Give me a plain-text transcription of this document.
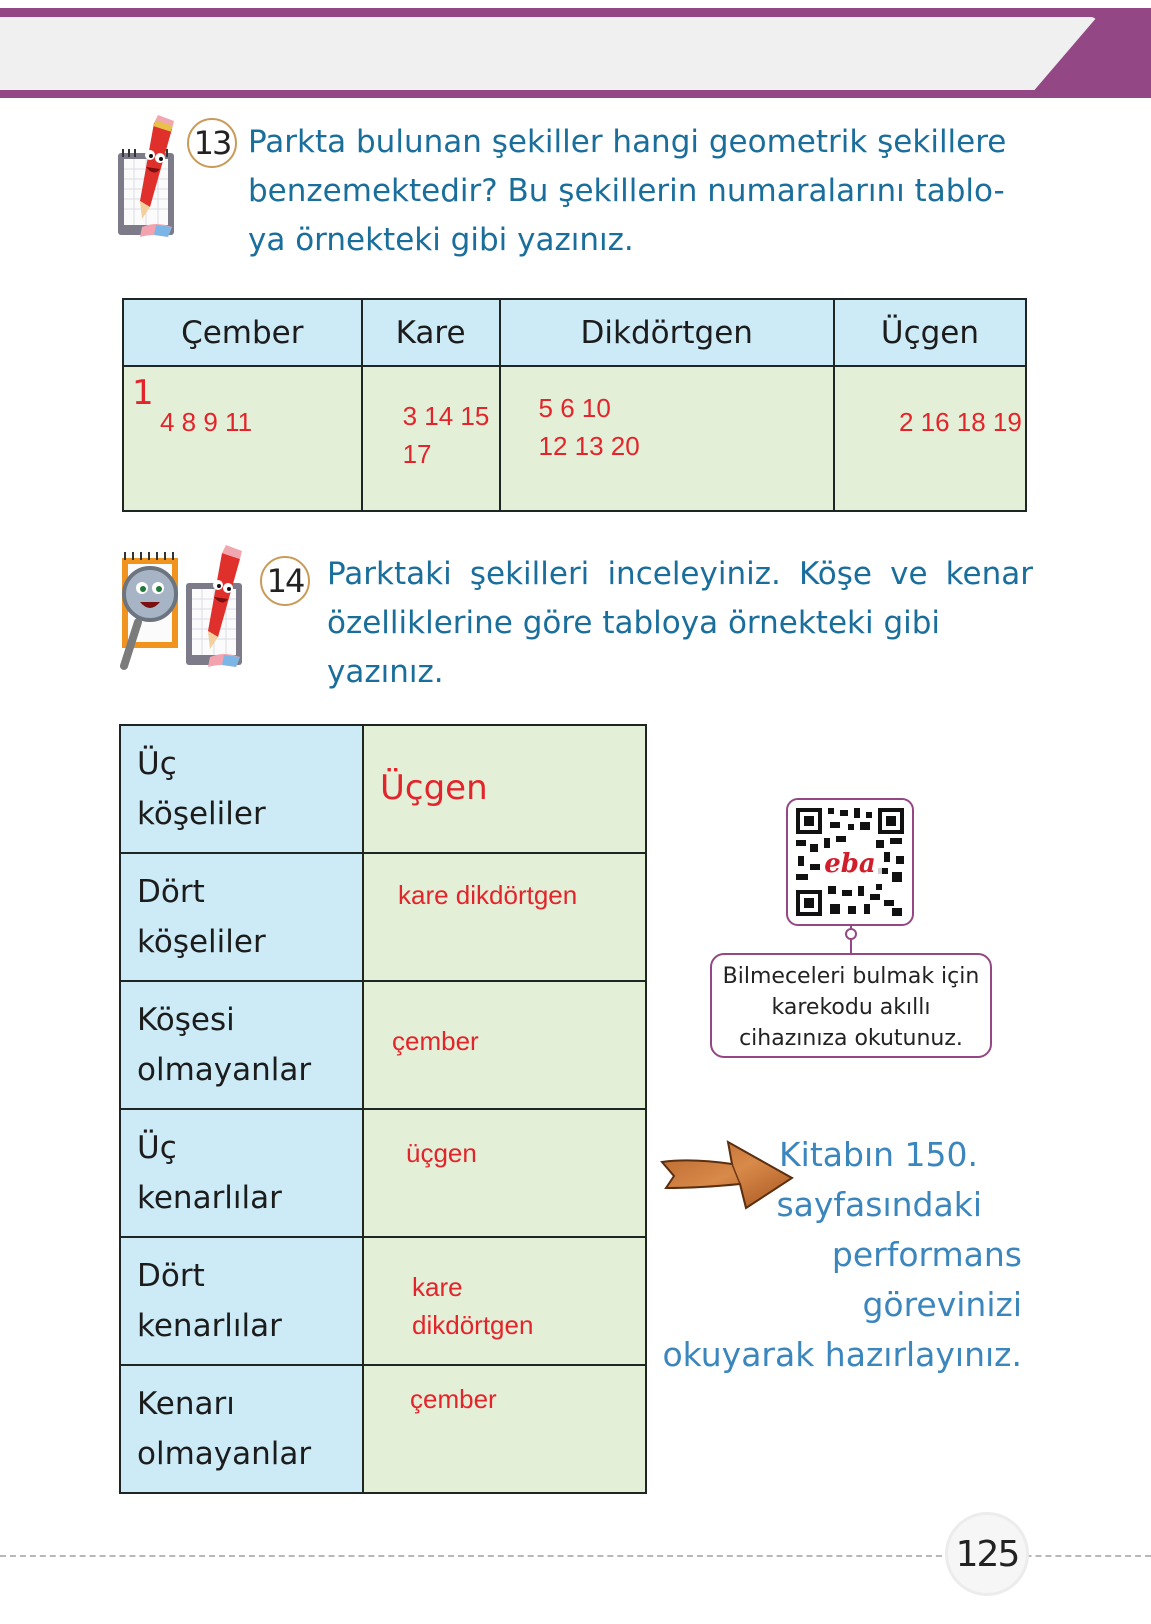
13 Parkta bulunan şekiller hangi geometrik şekillere
benzemektedir? Bu şekillerin numaralarını tablo-
ya örnekteki gibi yazınız.
Çember	Kare	Dikdörtgen	Üçgen

1
4 8 9 11	3 14 15 17	5 6 10
12 13 20	2 16 18 19
14 Parktaki şekilleri inceleyiniz. Köşe ve kenar
özelliklerine göre tabloya örnekteki gibi
yazınız.
Üç
köşeliler	Üçgen

Dört
köşeliler	kare dikdörtgen

Köşesi
olmayanlar	çember

Üç
kenarlılar	üçgen

Dört
kenarlılar	kare
dikdörtgen

Kenarı
olmayanlar	çember
eba
Bilmeceleri bulmak için
karekodu akıllı
cihazınıza okutunuz.
Kitabın 150.
sayfasındaki
performans görevinizi
okuyarak hazırlayınız.
125
